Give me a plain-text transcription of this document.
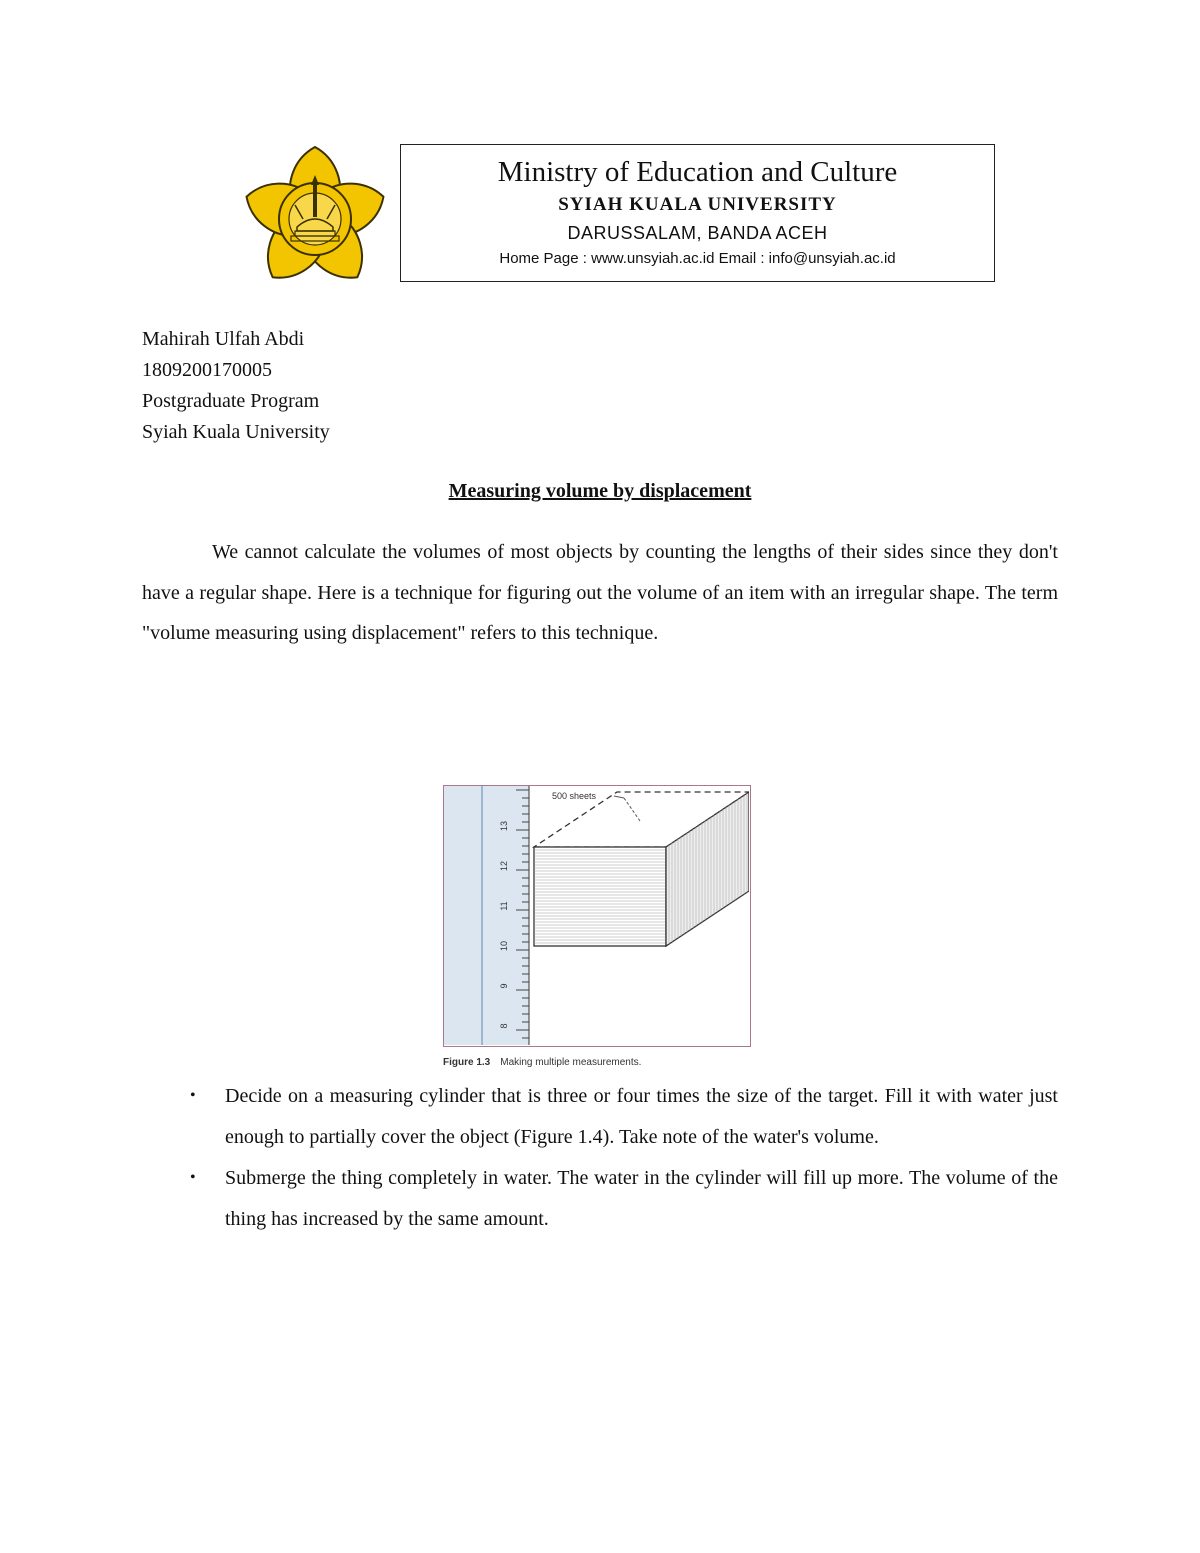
Ministry of Education and Culture
SYIAH KUALA UNIVERSITY
DARUSSALAM, BANDA ACEH
Home Page : www.unsyiah.ac.id Email : info@unsyiah.ac.id
Mahirah Ulfah Abdi
1809200170005
Postgraduate Program
Syiah Kuala University
Measuring volume by displacement

We cannot calculate the volumes of most objects by counting the lengths of their sides since they don't have a regular shape. Here is a technique for figuring out the volume of an item with an irregular shape. The term "volume measuring using displacement" refers to this technique.

13
12
11
10
9
8
500 sheets
Figure 1.3 Making multiple measurements.
• Decide on a measuring cylinder that is three or four times the size of the target. Fill it with water just enough to partially cover the object (Figure 1.4). Take note of the water's volume.
• Submerge the thing completely in water. The water in the cylinder will fill up more. The volume of the thing has increased by the same amount.
